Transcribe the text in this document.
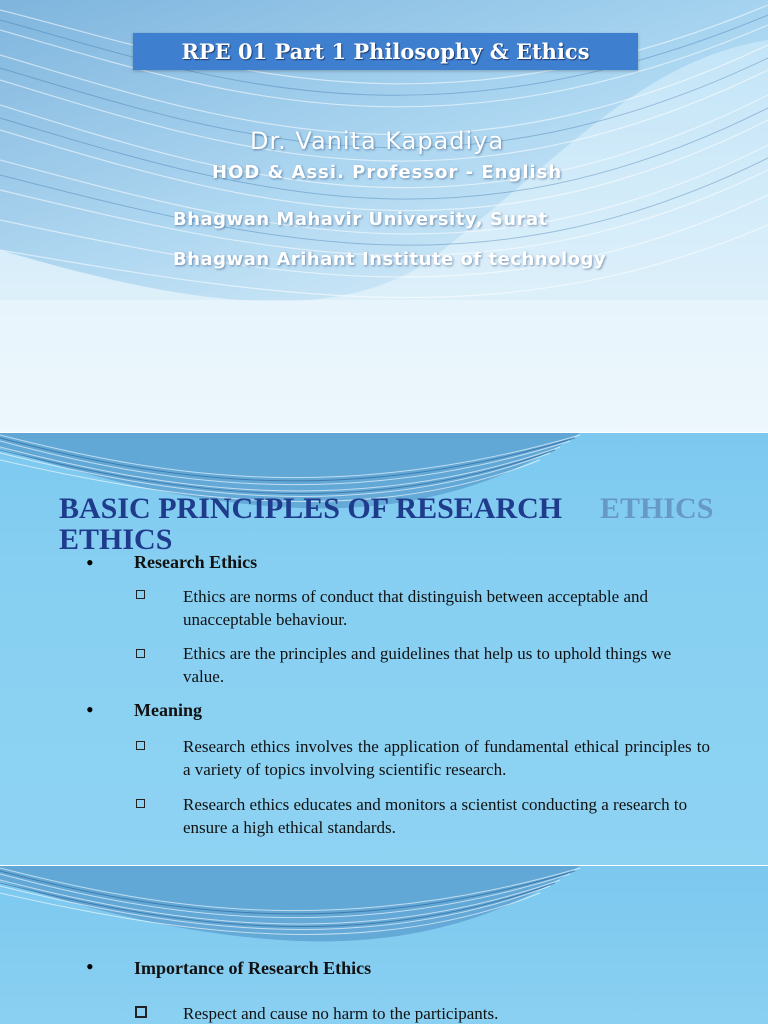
RPE 01 Part 1 Philosophy & Ethics
Dr. Vanita Kapadiya
HOD & Assi. Professor - English
Bhagwan Mahavir University, Surat
Bhagwan Arihant Institute of technology
BASIC PRINCIPLES OF RESEARCH ETHICS
ETHICS
• Research Ethics
Ethics are norms of conduct that distinguish between acceptable and unacceptable behaviour.
Ethics are the principles and guidelines that help us to uphold things we value.
• Meaning
Research ethics involves the application of fundamental ethical principles to a variety of topics involving scientific research.
Research ethics educates and monitors a scientist conducting a research to ensure a high ethical standards.
• Importance of Research Ethics
Respect and cause no harm to the participants.
